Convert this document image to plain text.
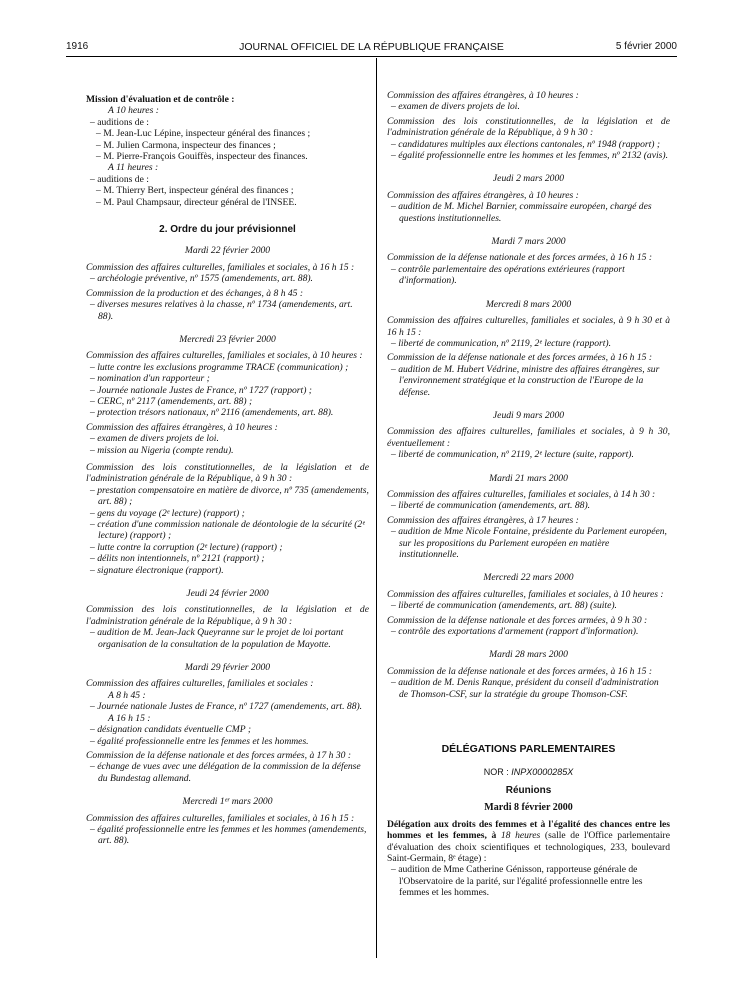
1916	JOURNAL OFFICIEL DE LA RÉPUBLIQUE FRANÇAISE	5 février 2000

Mission d'évaluation et de contrôle :

A 10 heures :

– auditions de :

– M. Jean-Luc Lépine, inspecteur général des finances ;

– M. Julien Carmona, inspecteur des finances ;

– M. Pierre-François Gouiffès, inspecteur des finances.

A 11 heures :

– auditions de :

– M. Thierry Bert, inspecteur général des finances ;

– M. Paul Champsaur, directeur général de l'INSEE.

2. Ordre du jour prévisionnel

Mardi 22 février 2000

Commission des affaires culturelles, familiales et sociales, à 16 h 15 :

– archéologie préventive, nº 1575 (amendements, art. 88).

Commission de la production et des échanges, à 8 h 45 :

– diverses mesures relatives à la chasse, nº 1734 (amendements, art. 88).

Mercredi 23 février 2000

Commission des affaires culturelles, familiales et sociales, à 10 heures :

– lutte contre les exclusions programme TRACE (communication) ;

– nomination d'un rapporteur ;

– Journée nationale Justes de France, nº 1727 (rapport) ;

– CERC, nº 2117 (amendements, art. 88) ;

– protection trésors nationaux, nº 2116 (amendements, art. 88).

Commission des affaires étrangères, à 10 heures :

– examen de divers projets de loi.

– mission au Nigeria (compte rendu).

Commission des lois constitutionnelles, de la législation et de l'administration générale de la République, à 9 h 30 :

– prestation compensatoire en matière de divorce, nº 735 (amendements, art. 88) ;

– gens du voyage (2ᵉ lecture) (rapport) ;

– création d'une commission nationale de déontologie de la sécurité (2ᵉ lecture) (rapport) ;

– lutte contre la corruption (2ᵉ lecture) (rapport) ;

– délits non intentionnels, nº 2121 (rapport) ;

– signature électronique (rapport).

Jeudi 24 février 2000

Commission des lois constitutionnelles, de la législation et de l'administration générale de la République, à 9 h 30 :

– audition de M. Jean-Jack Queyranne sur le projet de loi portant organisation de la consultation de la population de Mayotte.

Mardi 29 février 2000

Commission des affaires culturelles, familiales et sociales :

A 8 h 45 :

– Journée nationale Justes de France, nº 1727 (amendements, art. 88).

A 16 h 15 :

– désignation candidats éventuelle CMP ;

– égalité professionnelle entre les femmes et les hommes.

Commission de la défense nationale et des forces armées, à 17 h 30 :

– échange de vues avec une délégation de la commission de la défense du Bundestag allemand.

Mercredi 1ᵉʳ mars 2000

Commission des affaires culturelles, familiales et sociales, à 16 h 15 :

– égalité professionnelle entre les femmes et les hommes (amendements, art. 88).

Commission des affaires étrangères, à 10 heures :

– examen de divers projets de loi.

Commission des lois constitutionnelles, de la législation et de l'administration générale de la République, à 9 h 30 :

– candidatures multiples aux élections cantonales, nº 1948 (rapport) ;

– égalité professionnelle entre les hommes et les femmes, nº 2132 (avis).

Jeudi 2 mars 2000

Commission des affaires étrangères, à 10 heures :

– audition de M. Michel Barnier, commissaire européen, chargé des questions institutionnelles.

Mardi 7 mars 2000

Commission de la défense nationale et des forces armées, à 16 h 15 :

– contrôle parlementaire des opérations extérieures (rapport d'information).

Mercredi 8 mars 2000

Commission des affaires culturelles, familiales et sociales, à 9 h 30 et à 16 h 15 :

– liberté de communication, nº 2119, 2ᵉ lecture (rapport).

Commission de la défense nationale et des forces armées, à 16 h 15 :

– audition de M. Hubert Védrine, ministre des affaires étrangères, sur l'environnement stratégique et la construction de l'Europe de la défense.

Jeudi 9 mars 2000

Commission des affaires culturelles, familiales et sociales, à 9 h 30, éventuellement :

– liberté de communication, nº 2119, 2ᵉ lecture (suite, rapport).

Mardi 21 mars 2000

Commission des affaires culturelles, familiales et sociales, à 14 h 30 :

– liberté de communication (amendements, art. 88).

Commission des affaires étrangères, à 17 heures :

– audition de Mme Nicole Fontaine, présidente du Parlement européen, sur les propositions du Parlement européen en matière institutionnelle.

Mercredi 22 mars 2000

Commission des affaires culturelles, familiales et sociales, à 10 heures :

– liberté de communication (amendements, art. 88) (suite).

Commission de la défense nationale et des forces armées, à 9 h 30 :

– contrôle des exportations d'armement (rapport d'information).

Mardi 28 mars 2000

Commission de la défense nationale et des forces armées, à 16 h 15 :

– audition de M. Denis Ranque, président du conseil d'administration de Thomson-CSF, sur la stratégie du groupe Thomson-CSF.

DÉLÉGATIONS PARLEMENTAIRES

NOR : INPX0000285X

Réunions

Mardi 8 février 2000

Délégation aux droits des femmes et à l'égalité des chances entre les hommes et les femmes, à 18 heures (salle de l'Office parlementaire d'évaluation des choix scientifiques et technologiques, 233, boulevard Saint-Germain, 8ᵉ étage) :

– audition de Mme Catherine Génisson, rapporteuse générale de l'Observatoire de la parité, sur l'égalité professionnelle entre les femmes et les hommes.
